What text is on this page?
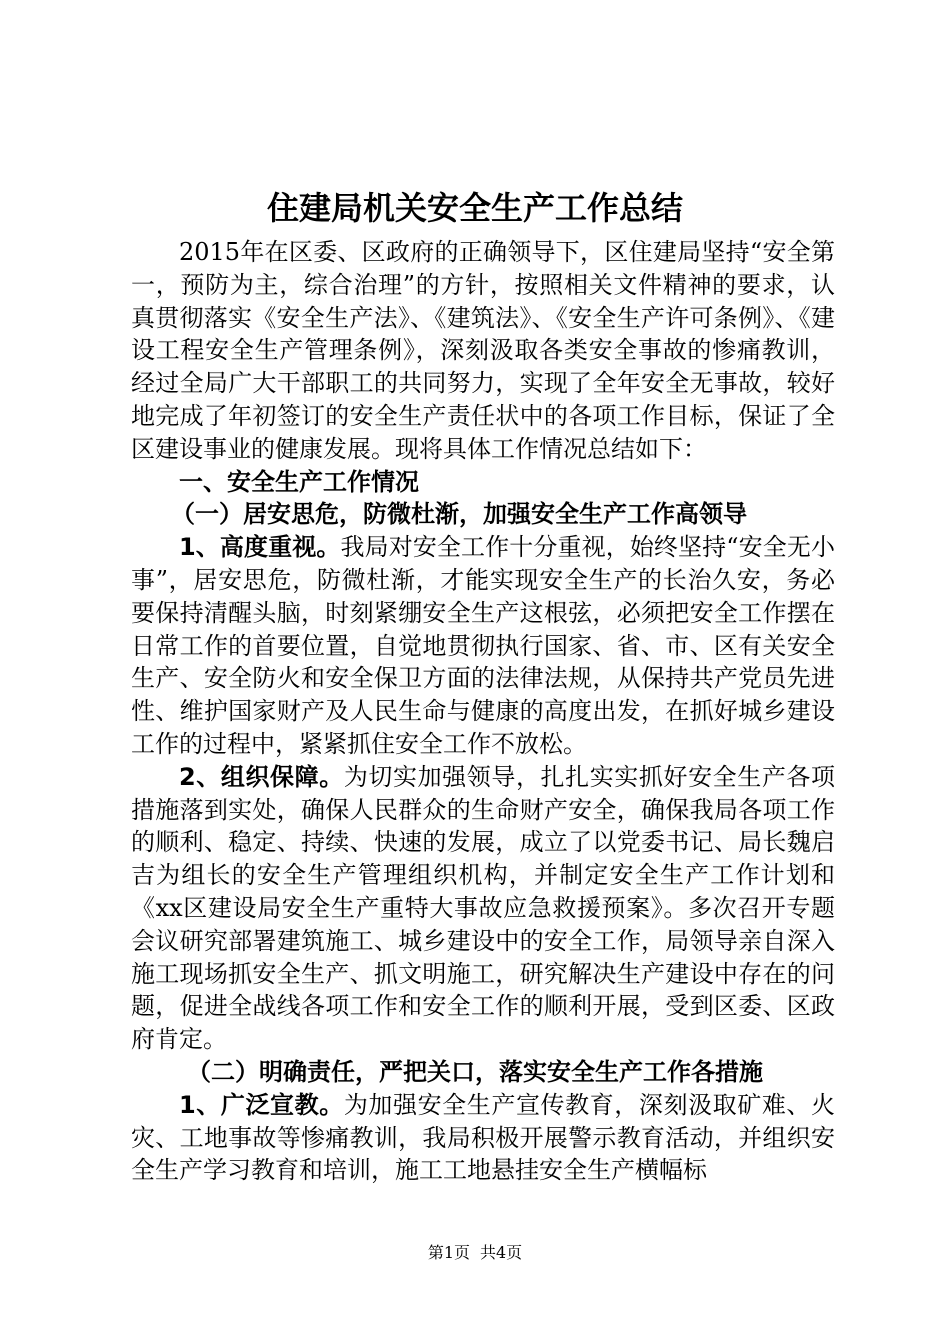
住建局机关安全生产工作总结

2015年在区委、区政府的正确领导下，区住建局坚持“安全第一，预防为主，综合治理”的方针，按照相关文件精神的要求，认真贯彻落实《安全生产法》、《建筑法》、《安全生产许可条例》、《建设工程安全生产管理条例》，深刻汲取各类安全事故的惨痛教训，经过全局广大干部职工的共同努力，实现了全年安全无事故，较好地完成了年初签订的安全生产责任状中的各项工作目标，保证了全区建设事业的健康发展。现将具体工作情况总结如下：

一、安全生产工作情况

（一）居安思危，防微杜渐，加强安全生产工作高领导

1、高度重视。我局对安全工作十分重视，始终坚持“安全无小事”，居安思危，防微杜渐，才能实现安全生产的长治久安，务必要保持清醒头脑，时刻紧绷安全生产这根弦，必须把安全工作摆在日常工作的首要位置，自觉地贯彻执行国家、省、市、区有关安全生产、安全防火和安全保卫方面的法律法规，从保持共产党员先进性、维护国家财产及人民生命与健康的高度出发，在抓好城乡建设工作的过程中，紧紧抓住安全工作不放松。

2、组织保障。为切实加强领导，扎扎实实抓好安全生产各项措施落到实处，确保人民群众的生命财产安全，确保我局各项工作的顺利、稳定、持续、快速的发展，成立了以党委书记、局长魏启吉为组长的安全生产管理组织机构，并制定安全生产工作计划和《xx区建设局安全生产重特大事故应急救援预案》。多次召开专题会议研究部署建筑施工、城乡建设中的安全工作，局领导亲自深入施工现场抓安全生产、抓文明施工，研究解决生产建设中存在的问题，促进全战线各项工作和安全工作的顺利开展，受到区委、区政府肯定。

（二）明确责任，严把关口，落实安全生产工作各措施

1、广泛宣教。为加强安全生产宣传教育，深刻汲取矿难、火灾、工地事故等惨痛教训，我局积极开展警示教育活动，并组织安全生产学习教育和培训，施工工地悬挂安全生产横幅标

第1页 共4页
